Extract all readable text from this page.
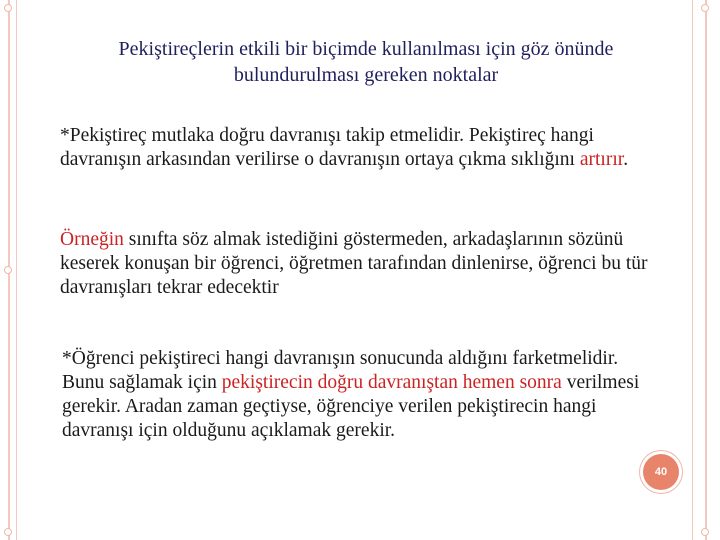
Pekiştireçlerin etkili bir biçimde kullanılması için göz önünde bulundurulması gereken noktalar
*Pekiştireç mutlaka doğru davranışı takip etmelidir. Pekiştireç hangi davranışın arkasından verilirse o davranışın ortaya çıkma sıklığını artırır.
Örneğin sınıfta söz almak istediğini göstermeden, arkadaşlarının sözünü keserek konuşan bir öğrenci, öğretmen tarafından dinlenirse, öğrenci bu tür davranışları tekrar edecektir
*Öğrenci pekiştireci hangi davranışın sonucunda aldığını farketmelidir. Bunu sağlamak için pekiştirecin doğru davranıştan hemen sonra verilmesi gerekir. Aradan zaman geçtiyse, öğrenciye verilen pekiştirecin hangi davranışı için olduğunu açıklamak gerekir.
40
